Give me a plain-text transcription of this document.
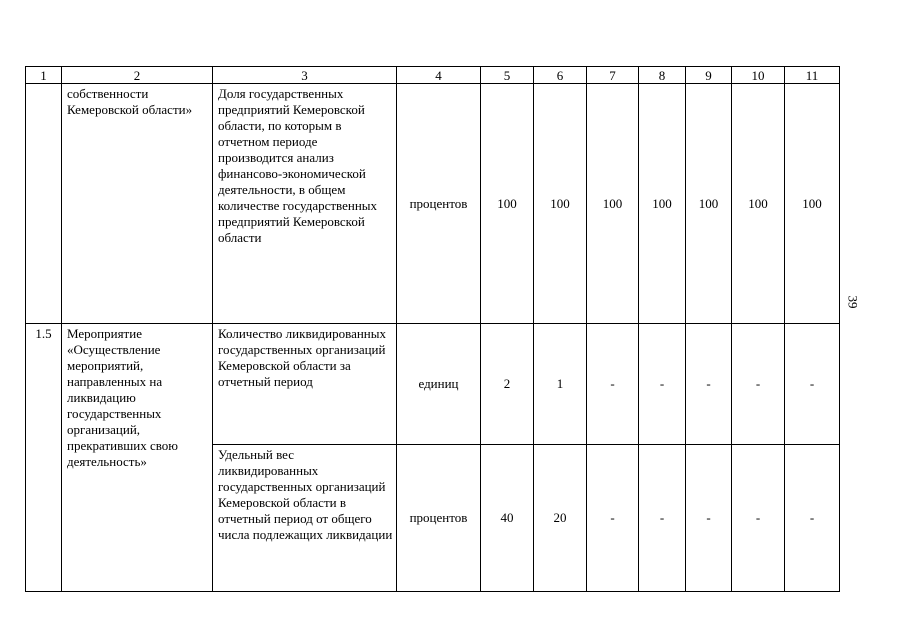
1	2	3	4	5	6	7	8	9	10	11
	собственности Кемеровской области»	Доля государственных предприятий Кемеровской области, по которым в отчетном периоде производится анализ финансово-экономической деятельности, в общем количестве государственных предприятий Кемеровской области	процентов	100	100	100	100	100	100	100
1.5	Мероприятие «Осуществление мероприятий, направленных на ликвидацию государственных организаций, прекративших свою деятельность»	Количество ликвидированных государственных организаций Кемеровской области за отчетный период	единиц	2	1	-	-	-	-	-
		Удельный вес ликвидированных государственных организаций Кемеровской области в отчетный период от общего числа подлежащих ликвидации	процентов	40	20	-	-	-	-	-
39
